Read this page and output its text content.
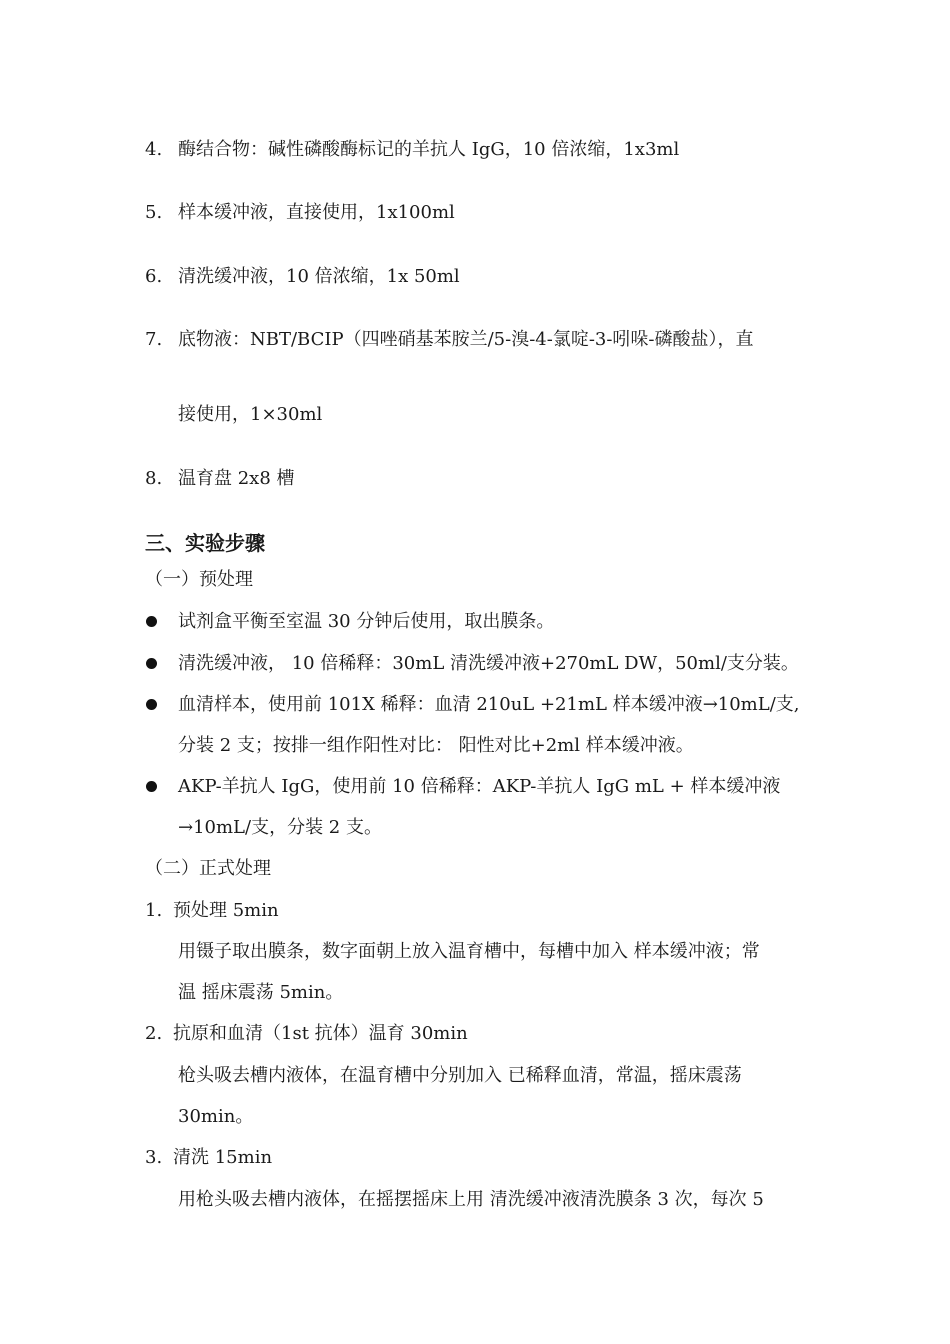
4. 酶结合物：碱性磷酸酶标记的羊抗人 IgG，10 倍浓缩，1x3ml
5. 样本缓冲液，直接使用，1x100ml
6. 清洗缓冲液，10 倍浓缩，1x 50ml
7. 底物液：NBT/BCIP（四唑硝基苯胺兰/5-溴-4-氯啶-3-吲哚-磷酸盐），直
接使用，1×30ml
8. 温育盘 2x8 槽
三、实验步骤
（一）预处理
试剂盒平衡至室温 30 分钟后使用，取出膜条。
清洗缓冲液， 10 倍稀释：30mL 清洗缓冲液+270mL DW，50ml/支分装。
血清样本，使用前 101X 稀释：血清 210uL +21mL 样本缓冲液→10mL/支,
分装 2 支；按排一组作阳性对比： 阳性对比+2ml 样本缓冲液。
AKP-羊抗人 IgG，使用前 10 倍稀释：AKP-羊抗人 IgG mL + 样本缓冲液
→10mL/支，分装 2 支。
（二）正式处理
1. 预处理 5min
用镊子取出膜条，数字面朝上放入温育槽中，每槽中加入 样本缓冲液；常
温 摇床震荡 5min。
2. 抗原和血清（1st 抗体）温育 30min
枪头吸去槽内液体，在温育槽中分别加入 已稀释血清，常温，摇床震荡
30min。
3. 清洗 15min
用枪头吸去槽内液体，在摇摆摇床上用 清洗缓冲液清洗膜条 3 次，每次 5
